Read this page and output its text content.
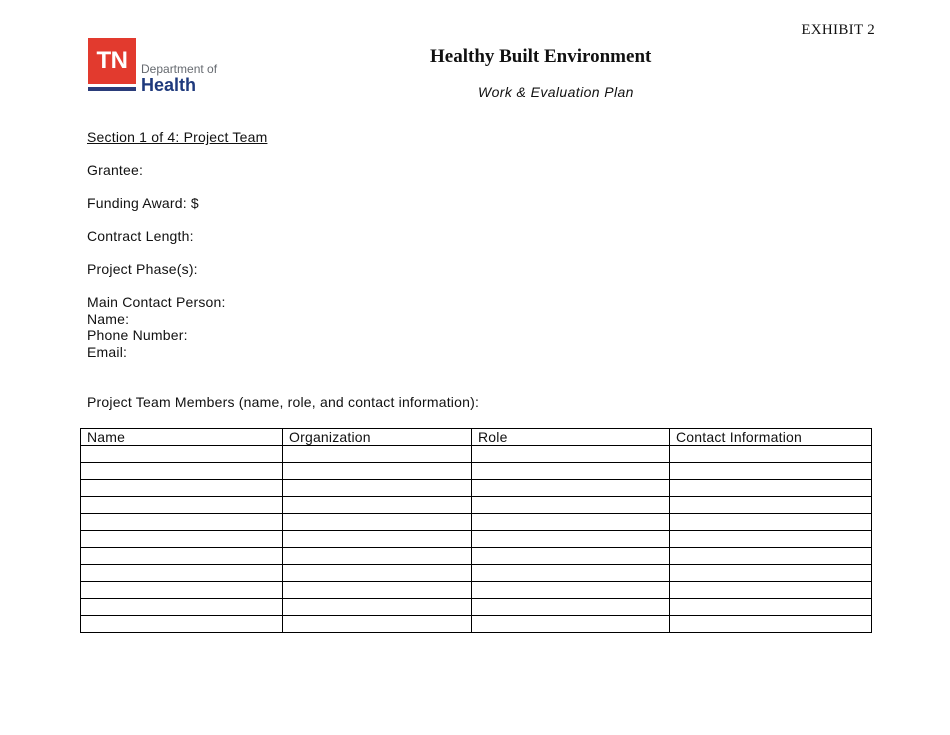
EXHIBIT 2
TN	Department of
Health
Healthy Built Environment
Work & Evaluation Plan
Section 1 of 4: Project Team
Grantee:
Funding Award: $
Contract Length:
Project Phase(s):
Main Contact Person:
Name:
Phone Number:
Email:
Project Team Members (name, role, and contact information):
Name	Organization	Role	Contact Information
